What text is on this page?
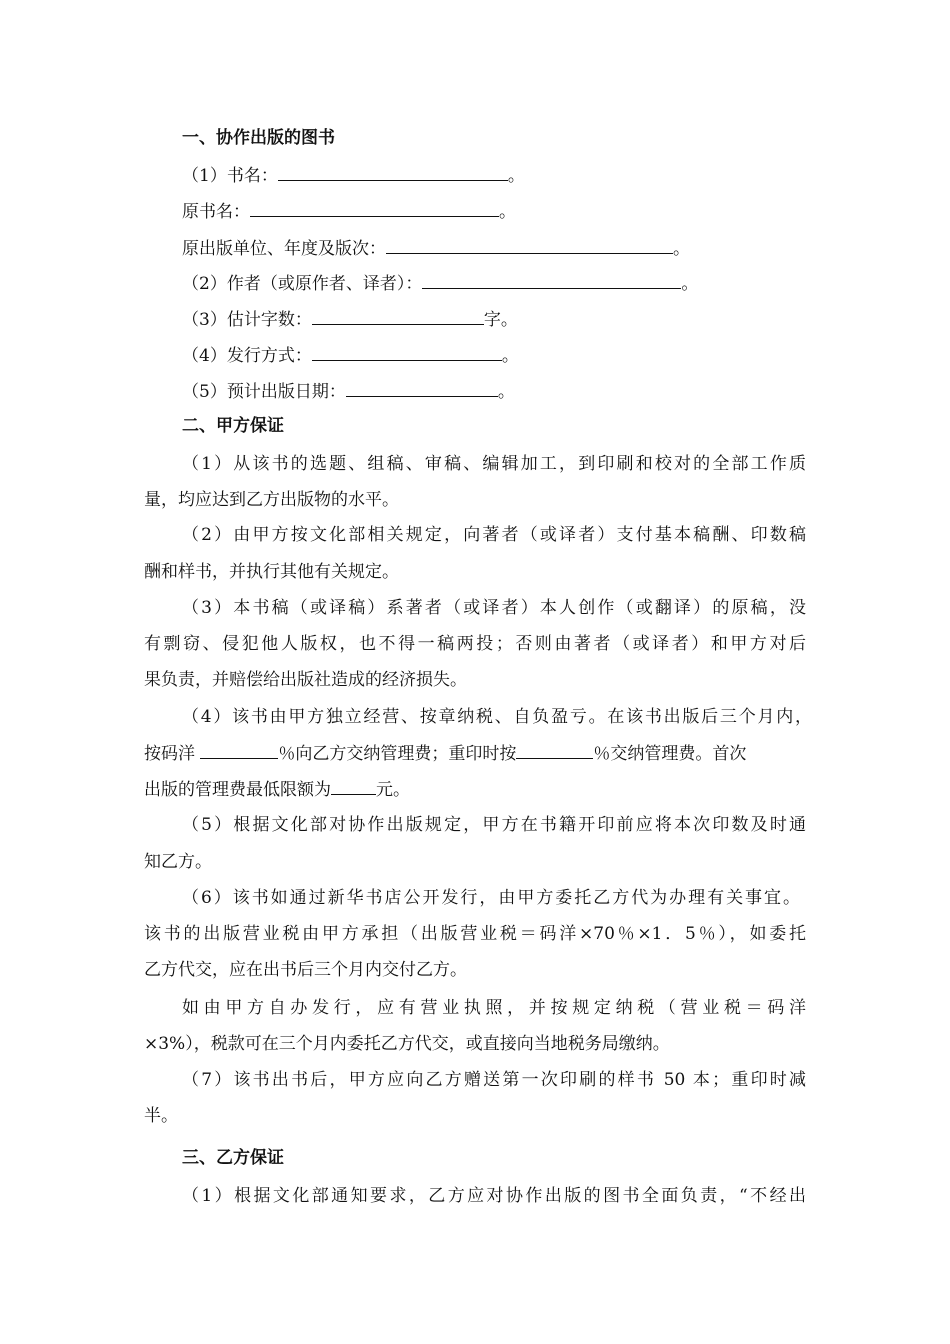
一、协作出版的图书
（1）书名：	。
原书名：	。
原出版单位、年度及版次：	。
（2）作者（或原作者、译者）：	。
（3）估计字数：	字。
（4）发行方式：	。
（5）预计出版日期：	。
二、甲方保证
（1）从该书的选题、组稿、审稿、编辑加工，到印刷和校对的全部工作质
量，均应达到乙方出版物的水平。
（2）由甲方按文化部相关规定，向著者（或译者）支付基本稿酬、印数稿
酬和样书，并执行其他有关规定。
（3）本书稿（或译稿）系著者（或译者）本人创作（或翻译）的原稿，没
有剽窃、侵犯他人版权，也不得一稿两投；否则由著者（或译者）和甲方对后
果负责，并赔偿给出版社造成的经济损失。
（4）该书由甲方独立经营、按章纳税、自负盈亏。在该书出版后三个月内，
按码洋	％向乙方交纳管理费；重印时按	％交纳管理费。首次
出版的管理费最低限额为	元。
（5）根据文化部对协作出版规定，甲方在书籍开印前应将本次印数及时通
知乙方。
（6）该书如通过新华书店公开发行，由甲方委托乙方代为办理有关事宜。
该书的出版营业税由甲方承担（出版营业税＝码洋×70％×1．5％），如委托
乙方代交，应在出书后三个月内交付乙方。
如由甲方自办发行，应有营业执照，并按规定纳税（营业税＝码洋
×3%），税款可在三个月内委托乙方代交，或直接向当地税务局缴纳。
（7）该书出书后，甲方应向乙方赠送第一次印刷的样书 50 本；重印时减
半。
三、乙方保证
（1）根据文化部通知要求，乙方应对协作出版的图书全面负责，“不经出
